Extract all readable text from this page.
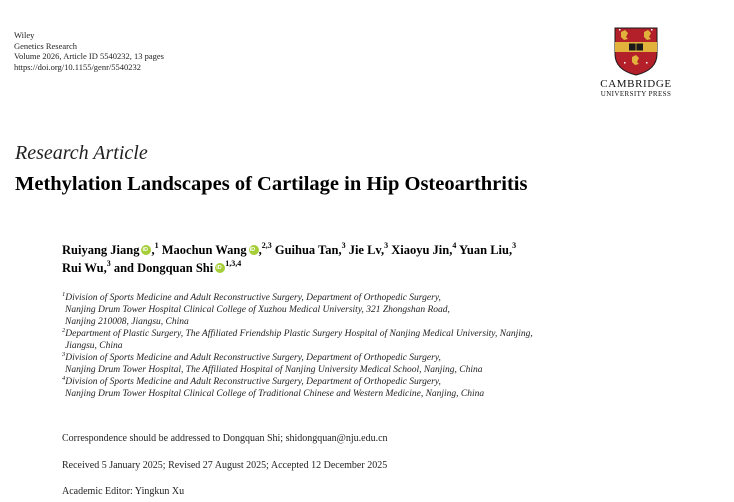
Wiley
Genetics Research
Volume 2026, Article ID 5540232, 13 pages
https://doi.org/10.1155/genr/5540232
CAMBRIDGE
UNIVERSITY PRESS
Research Article
Methylation Landscapes of Cartilage in Hip Osteoarthritis
Ruiyang Jiang iD ,$^1$ Maochun Wang iD ,$^{2,3}$ Guihua Tan,$^3$ Jie Lv,$^3$ Xiaoyu Jin,$^4$ Yuan Liu,$^3$
Rui Wu,$^3$ and Dongquan Shi iD $^{1,3,4}$
$^1$Division of Sports Medicine and Adult Reconstructive Surgery, Department of Orthopedic Surgery,
Nanjing Drum Tower Hospital Clinical College of Xuzhou Medical University, 321 Zhongshan Road,
Nanjing 210008, Jiangsu, China
$^2$Department of Plastic Surgery, The Affiliated Friendship Plastic Surgery Hospital of Nanjing Medical University, Nanjing,
Jiangsu, China
$^3$Division of Sports Medicine and Adult Reconstructive Surgery, Department of Orthopedic Surgery,
Nanjing Drum Tower Hospital, The Affiliated Hospital of Nanjing University Medical School, Nanjing, China
$^4$Division of Sports Medicine and Adult Reconstructive Surgery, Department of Orthopedic Surgery,
Nanjing Drum Tower Hospital Clinical College of Traditional Chinese and Western Medicine, Nanjing, China
Correspondence should be addressed to Dongquan Shi; shidongquan@nju.edu.cn
Received 5 January 2025; Revised 27 August 2025; Accepted 12 December 2025
Academic Editor: Yingkun Xu
